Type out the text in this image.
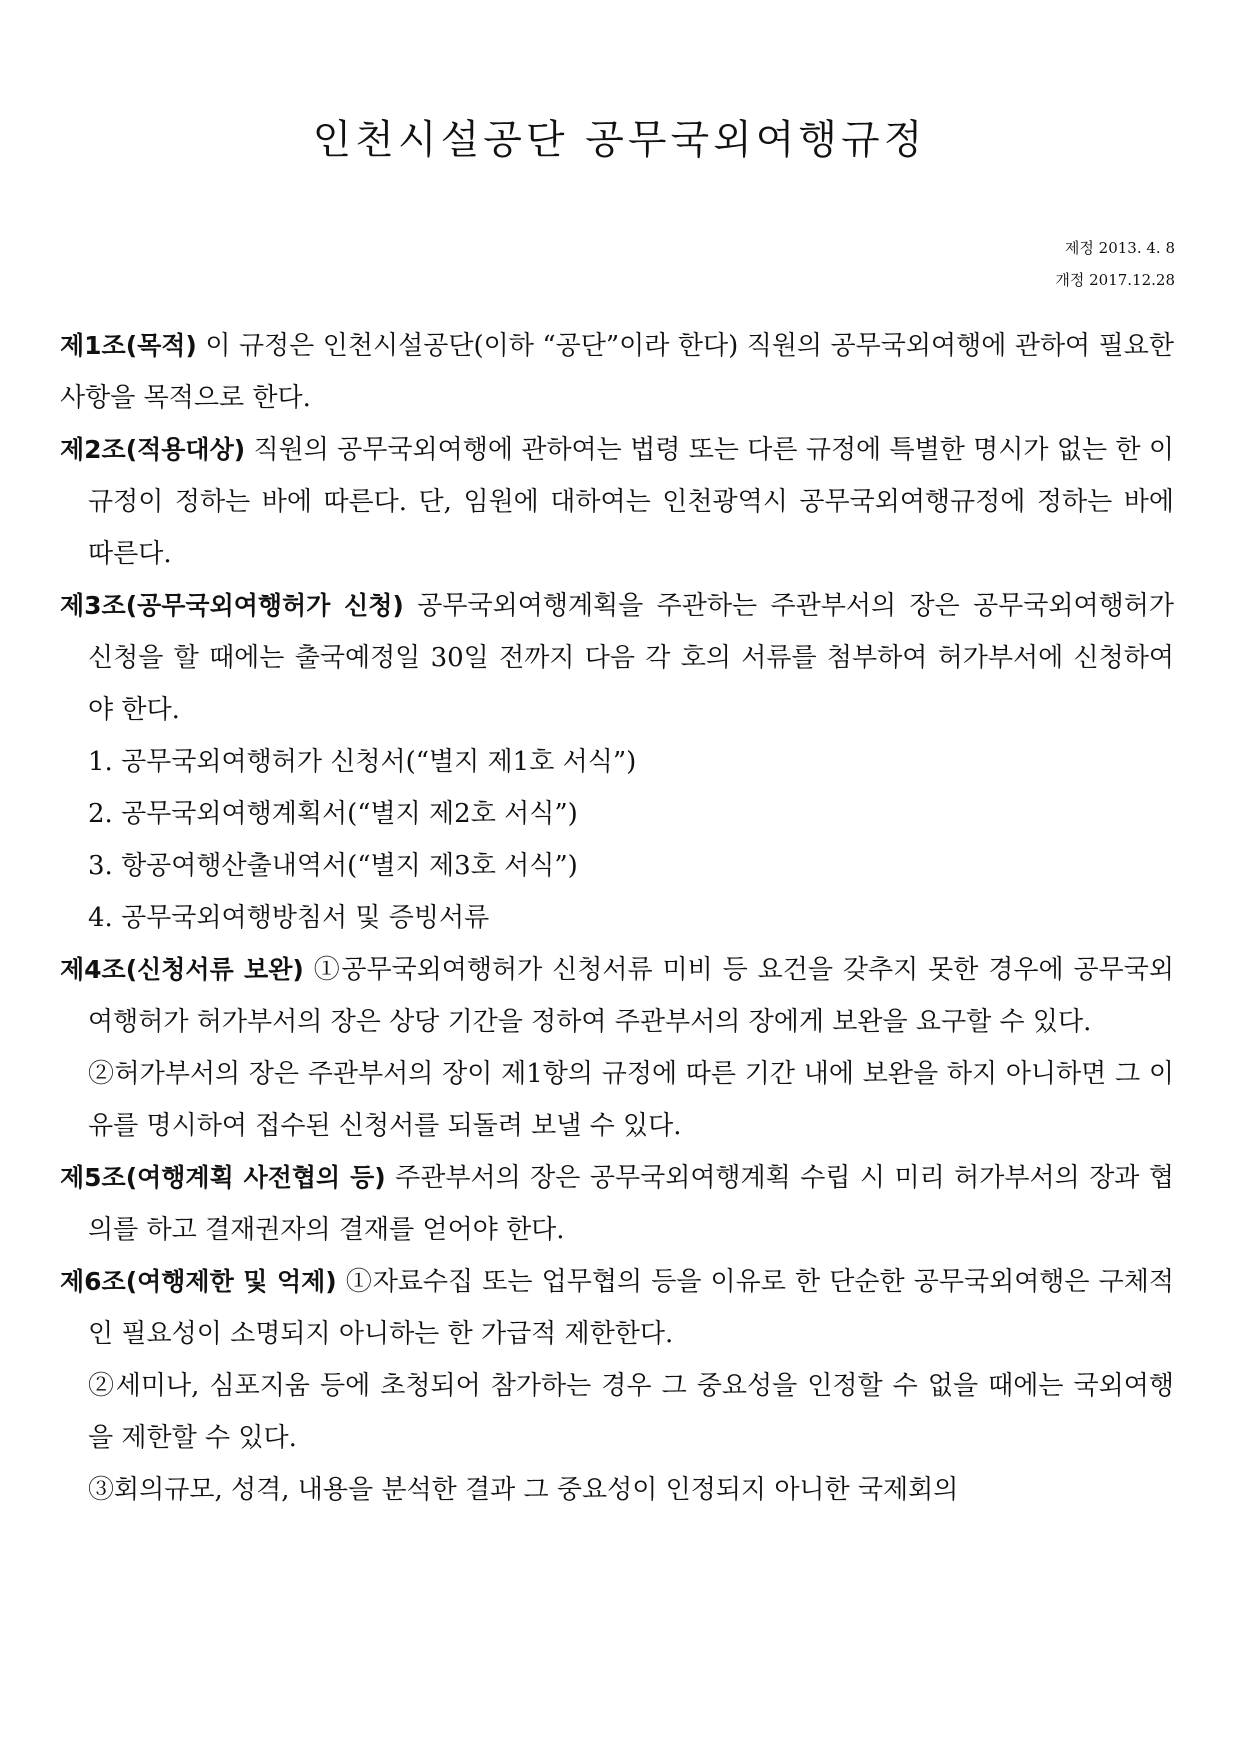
인천시설공단 공무국외여행규정
제정 2013. 4. 8
개정 2017.12.28

제1조(목적) 이 규정은 인천시설공단(이하 “공단”이라 한다) 직원의 공무국외여행에 관하여 필요한 사항을 목적으로 한다.

제2조(적용대상) 직원의 공무국외여행에 관하여는 법령 또는 다른 규정에 특별한 명시가 없는 한 이 규정이 정하는 바에 따른다. 단, 임원에 대하여는 인천광역시 공무국외여행규정에 정하는 바에 따른다.

제3조(공무국외여행허가 신청) 공무국외여행계획을 주관하는 주관부서의 장은 공무국외여행허가 신청을 할 때에는 출국예정일 30일 전까지 다음 각 호의 서류를 첨부하여 허가부서에 신청하여야 한다.

1. 공무국외여행허가 신청서(“별지 제1호 서식”)

2. 공무국외여행계획서(“별지 제2호 서식”)

3. 항공여행산출내역서(“별지 제3호 서식”)

4. 공무국외여행방침서 및 증빙서류

제4조(신청서류 보완) ①공무국외여행허가 신청서류 미비 등 요건을 갖추지 못한 경우에 공무국외여행허가 허가부서의 장은 상당 기간을 정하여 주관부서의 장에게 보완을 요구할 수 있다.

②허가부서의 장은 주관부서의 장이 제1항의 규정에 따른 기간 내에 보완을 하지 아니하면 그 이유를 명시하여 접수된 신청서를 되돌려 보낼 수 있다.

제5조(여행계획 사전협의 등) 주관부서의 장은 공무국외여행계획 수립 시 미리 허가부서의 장과 협의를 하고 결재권자의 결재를 얻어야 한다.

제6조(여행제한 및 억제) ①자료수집 또는 업무협의 등을 이유로 한 단순한 공무국외여행은 구체적인 필요성이 소명되지 아니하는 한 가급적 제한한다.

②세미나, 심포지움 등에 초청되어 참가하는 경우 그 중요성을 인정할 수 없을 때에는 국외여행을 제한할 수 있다.

③회의규모, 성격, 내용을 분석한 결과 그 중요성이 인정되지 아니한 국제회의
